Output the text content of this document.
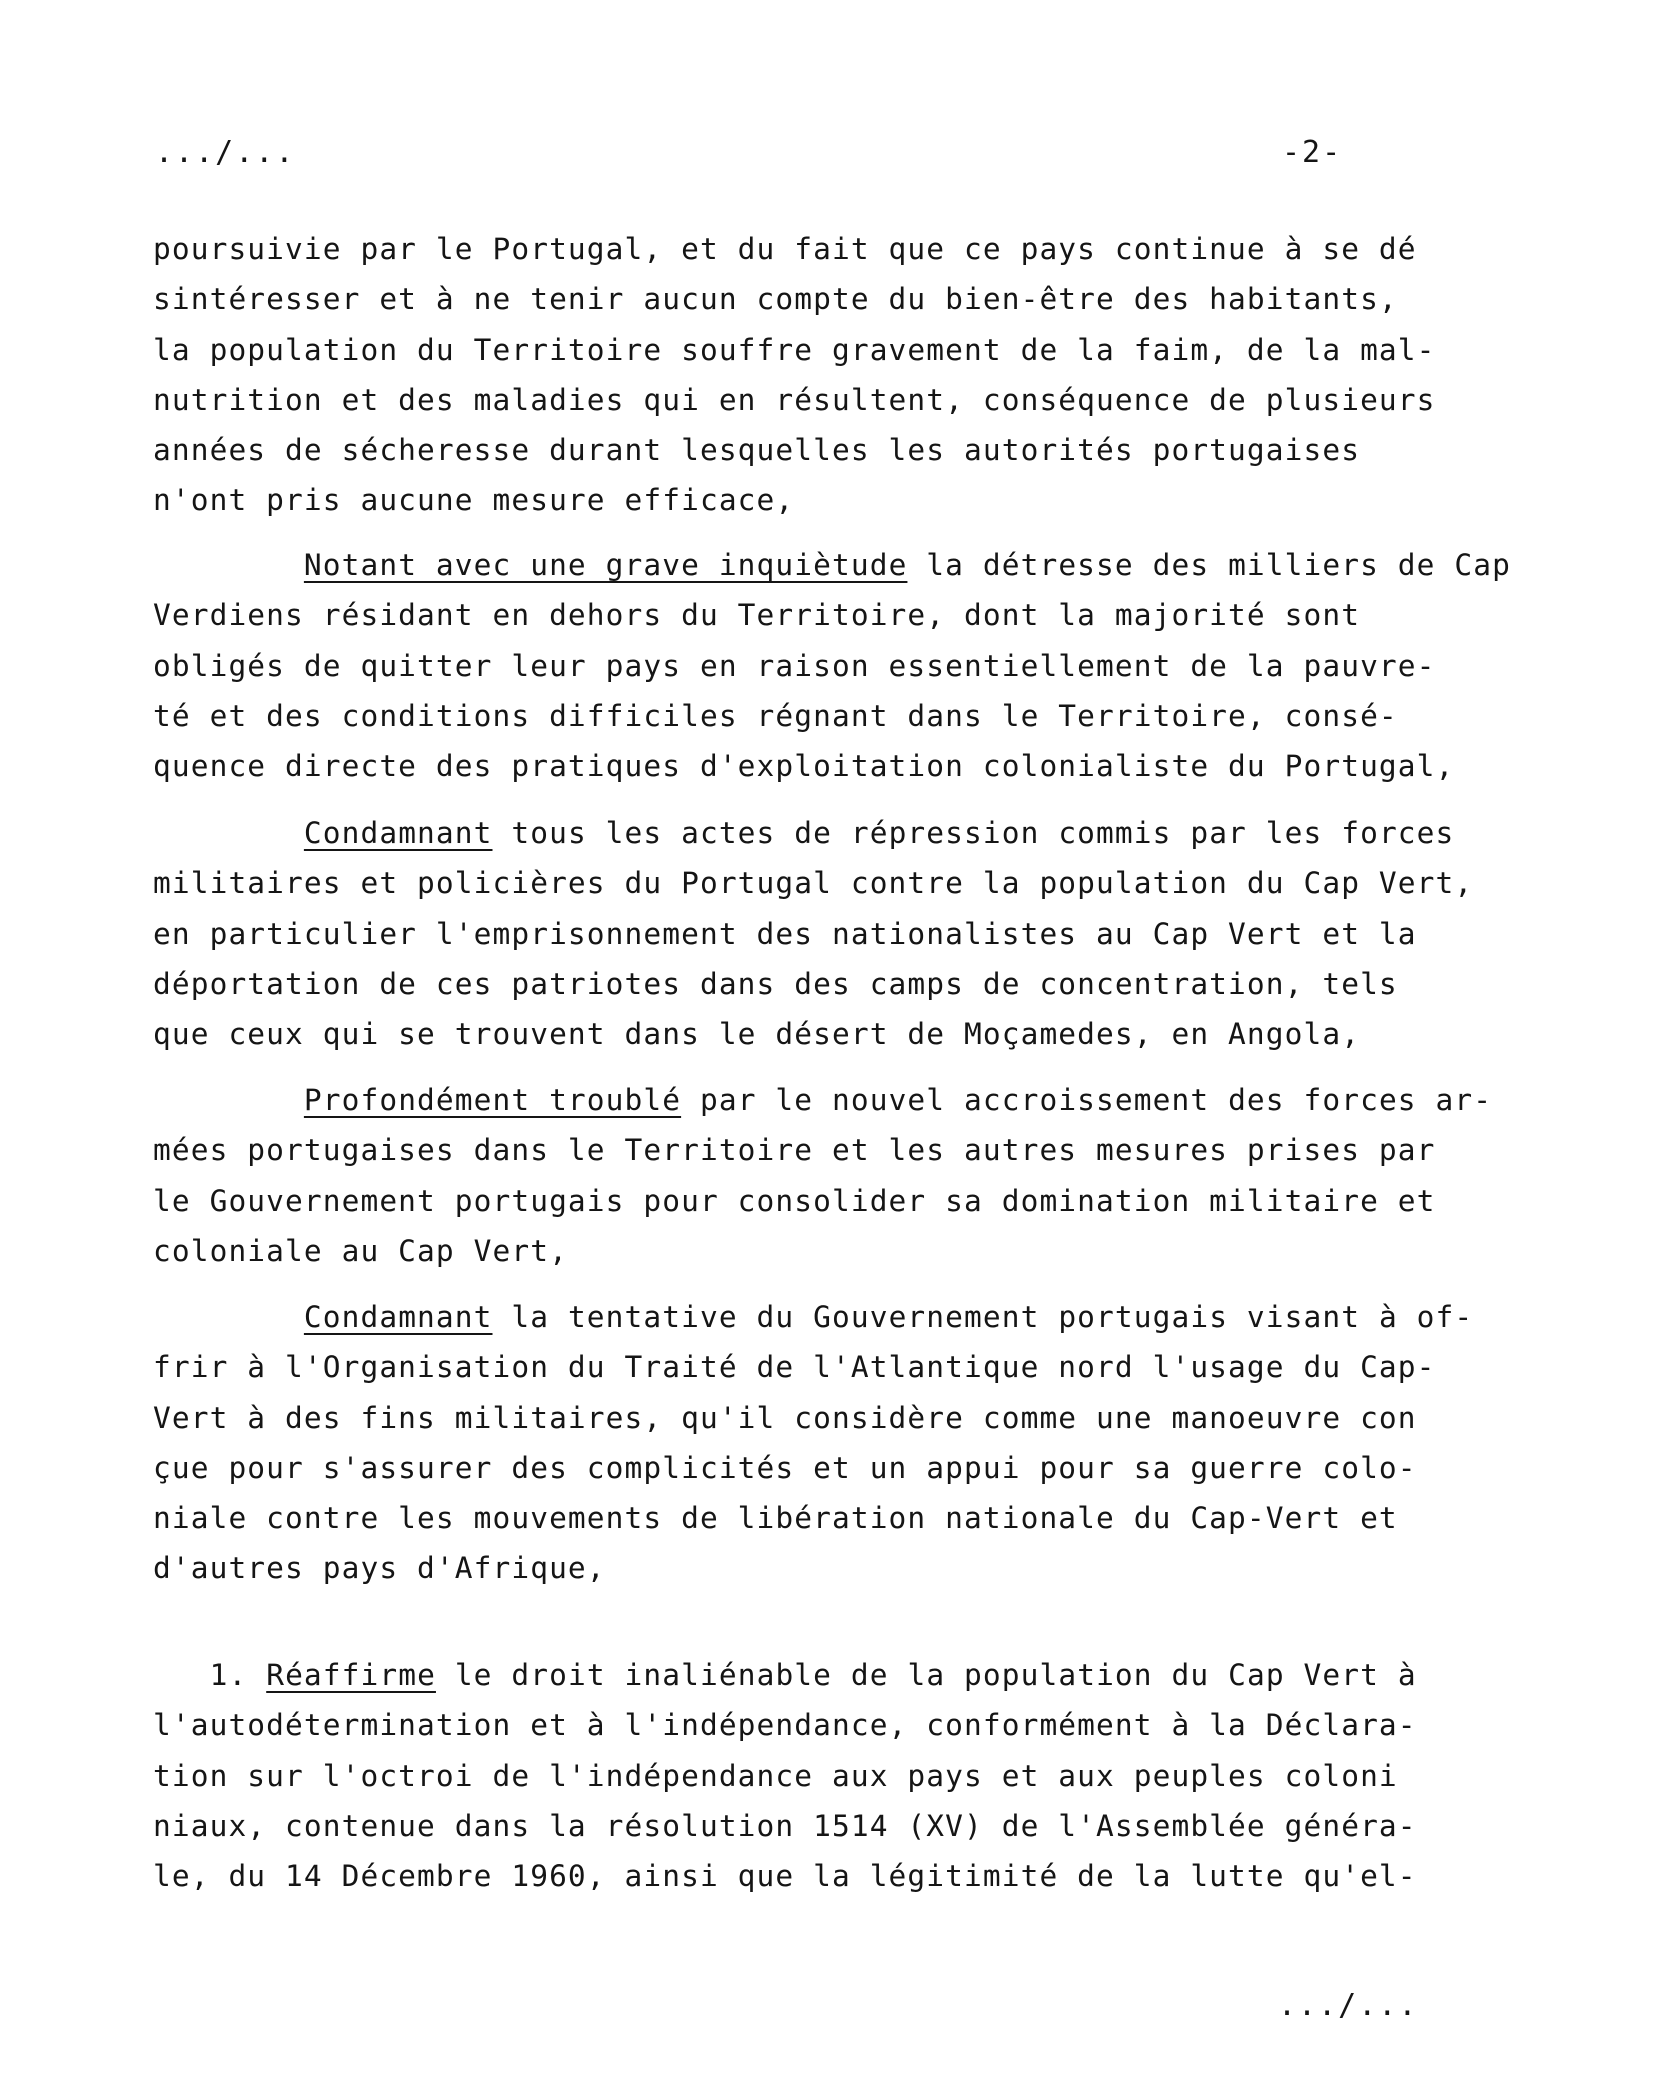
.../...	-2-
poursuivie par le Portugal, et du fait que ce pays continue à se dé
sintéresser et à ne tenir aucun compte du bien-être des habitants,
la population du Territoire souffre gravement de la faim, de la mal-
nutrition et des maladies qui en résultent, conséquence de plusieurs
années de sécheresse durant lesquelles les autorités portugaises
n'ont pris aucune mesure efficace,
Notant avec une grave inquiètude la détresse des milliers de Cap
Verdiens résidant en dehors du Territoire, dont la majorité sont
obligés de quitter leur pays en raison essentiellement de la pauvre-
té et des conditions difficiles régnant dans le Territoire, consé-
quence directe des pratiques d'exploitation colonialiste du Portugal,
Condamnant tous les actes de répression commis par les forces
militaires et policières du Portugal contre la population du Cap Vert,
en particulier l'emprisonnement des nationalistes au Cap Vert et la
déportation de ces patriotes dans des camps de concentration, tels
que ceux qui se trouvent dans le désert de Moçamedes, en Angola,
Profondément troublé par le nouvel accroissement des forces ar-
mées portugaises dans le Territoire et les autres mesures prises par
le Gouvernement portugais pour consolider sa domination militaire et
coloniale au Cap Vert,
Condamnant la tentative du Gouvernement portugais visant à of-
frir à l'Organisation du Traité de l'Atlantique nord l'usage du Cap-
Vert à des fins militaires, qu'il considère comme une manoeuvre con
çue pour s'assurer des complicités et un appui pour sa guerre colo-
niale contre les mouvements de libération nationale du Cap-Vert et
d'autres pays d'Afrique,
1. Réaffirme le droit inaliénable de la population du Cap Vert à
l'autodétermination et à l'indépendance, conformément à la Déclara-
tion sur l'octroi de l'indépendance aux pays et aux peuples coloni
niaux, contenue dans la résolution 1514 (XV) de l'Assemblée généra-
le, du 14 Décembre 1960, ainsi que la légitimité de la lutte qu'el-
.../...
